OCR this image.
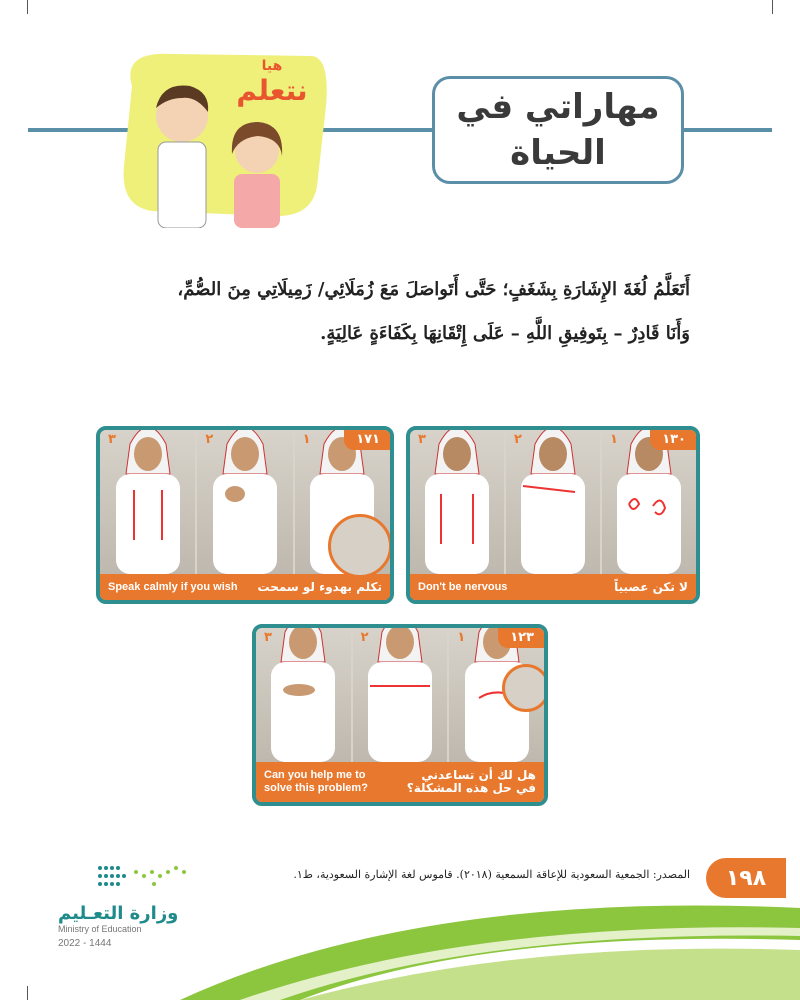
هيا
نتعلم	مهاراتي في
الحياة

أَتَعَلَّمُ لُغَةَ الإِشَارَةِ بِشَغَفٍ؛ حَتَّى أَتَواصَلَ مَعَ زُمَلَائِي/ زَمِيلَاتِي مِنَ الصُّمِّ،

وَأَنَا قَادِرٌ – بِتَوفِيقِ اللَّهِ – عَلَى إِتْقَانِهَا بِكَفَاءَةٍ عَالِيَةٍ.

٣	٢	١	١٧١
Speak calmly if you wish تكلم بهدوء لو سمحت
٣	٢	١	١٣٠
Don't be nervous	لا تكن عصبياً
٣	٢	١	١٢٣
Can you help me to
solve this problem?
هل لك أن تساعدني
في حل هذه المشكلة؟
وزارة التعـليم
Ministry of Education
2022 - 1444
المصدر: الجمعية السعودية للإعاقة السمعية (٢٠١٨). قاموس لغة الإشارة السعودية، ط١.	١٩٨
